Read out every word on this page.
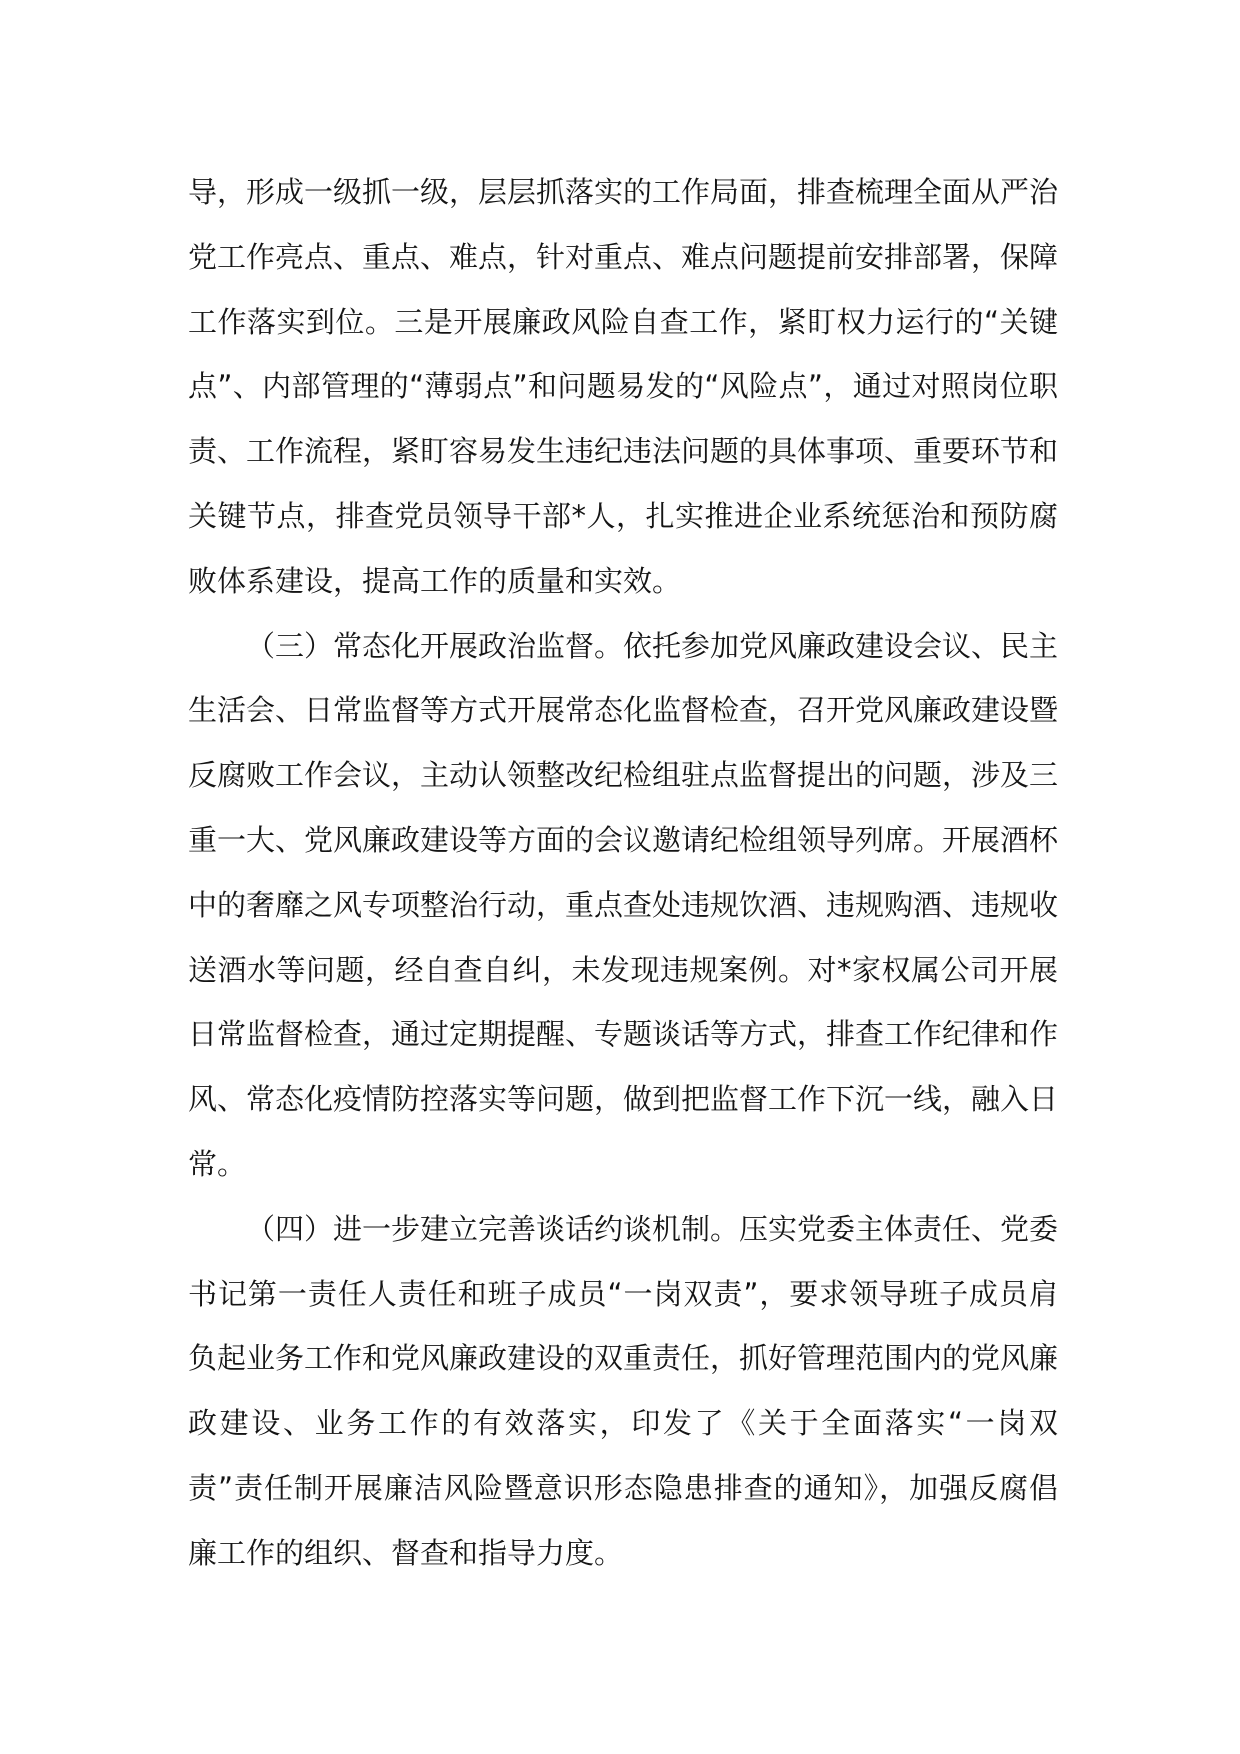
导，形成一级抓一级，层层抓落实的工作局面，排查梳理全面从严治党工作亮点、重点、难点，针对重点、难点问题提前安排部署，保障工作落实到位。三是开展廉政风险自查工作，紧盯权力运行的“关键点”、内部管理的“薄弱点”和问题易发的“风险点”，通过对照岗位职责、工作流程，紧盯容易发生违纪违法问题的具体事项、重要环节和关键节点，排查党员领导干部*人，扎实推进企业系统惩治和预防腐败体系建设，提高工作的质量和实效。

（三）常态化开展政治监督。依托参加党风廉政建设会议、民主生活会、日常监督等方式开展常态化监督检查，召开党风廉政建设暨反腐败工作会议，主动认领整改纪检组驻点监督提出的问题，涉及三重一大、党风廉政建设等方面的会议邀请纪检组领导列席。开展酒杯中的奢靡之风专项整治行动，重点查处违规饮酒、违规购酒、违规收送酒水等问题，经自查自纠，未发现违规案例。对*家权属公司开展日常监督检查，通过定期提醒、专题谈话等方式，排查工作纪律和作风、常态化疫情防控落实等问题，做到把监督工作下沉一线，融入日常。

（四）进一步建立完善谈话约谈机制。压实党委主体责任、党委书记第一责任人责任和班子成员“一岗双责”，要求领导班子成员肩负起业务工作和党风廉政建设的双重责任，抓好管理范围内的党风廉政建设、业务工作的有效落实，印发了《关于全面落实“一岗双责”责任制开展廉洁风险暨意识形态隐患排查的通知》，加强反腐倡廉工作的组织、督查和指导力度。
